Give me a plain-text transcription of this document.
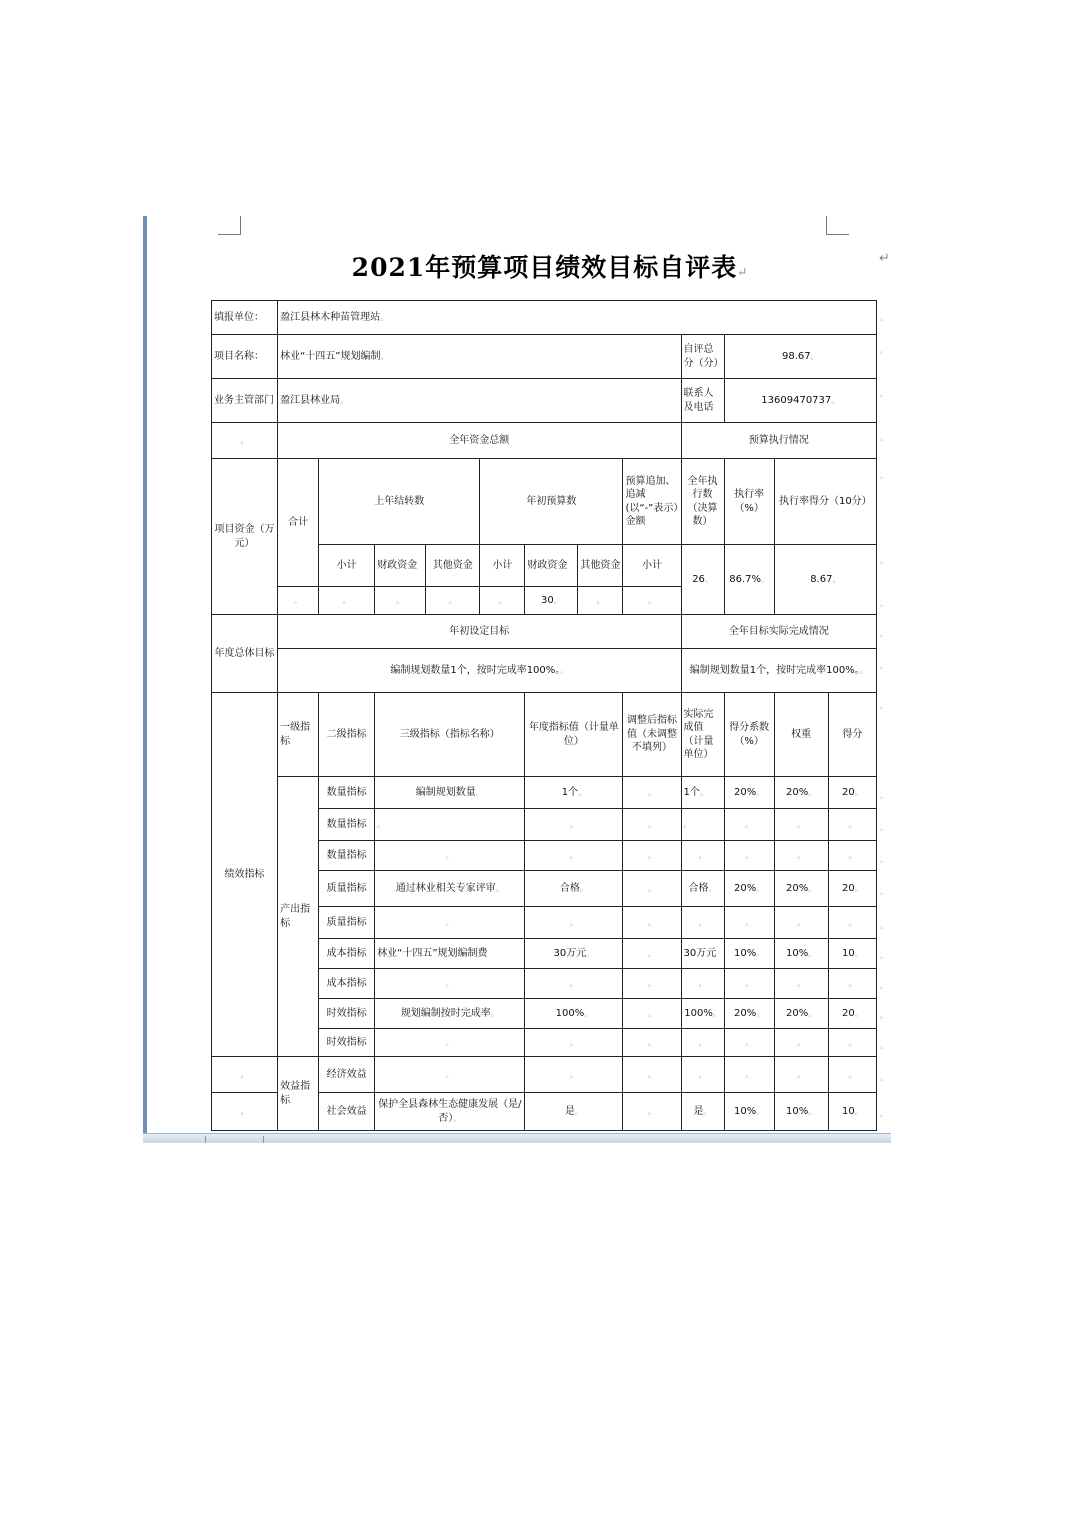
2021年预算项目绩效目标自评表↵
↵
填报单位：	盈江县林木种苗管理站。											
项目名称：	林业“十四五”规划编制。								自评总分（分）	98.67。		
业务主管部门	盈江县林业局。								联系人及电话	13609470737。		
。	全年资金总额								预算执行情况			
项目资金（万元）	合计	上年结转数			年初预算数			预算追加、追减(以“-”表示）金额	全年执行数（决算数）	执行率（%）	执行率得分（10分）	
		小计	财政资金	其他资金	小计	财政资金	其他资金	小计	26。	86.7%。	8.67。	
	。	。	。	。	。	30。	。	。				
年度总体目标	年初设定目标								全年目标实际完成情况			
	编制规划数量1个，按时完成率100%。。								编制规划数量1个，按时完成率100%。。			
绩效指标	一级指标	二级指标	三级指标（指标名称）			年度指标值（计量单位）		调整后指标值（未调整不填列）	实际完成值（计量单位）	得分系数（%）	权重	得分
	产出指标	数量指标	编制规划数量。			1个。		。	1个。	20%。	20%。	20。
		数量指标	。			。		。	。	。	。	。
		数量指标	。			。		。	。	。	。	。
		质量指标	通过林业相关专家评审。			合格。		。	合格。	20%。	20%。	20。
		质量指标	。			。		。	。	。	。	。
		成本指标	林业“十四五”规划编制费			30万元。		。	30万元	10%。	10%。	10。
		成本指标	。			。		。	。	。	。	。
		时效指标	规划编制按时完成率。			100%。		。	100%。	20%。	20%。	20。
		时效指标	。			。		。	。	。	。	。
。	效益指标	经济效益	。			。		。	。	。	。	。
。		社会效益	保护全县森林生态健康发展（是/否）。			是。		。	是。	10%。	10%。	10。
。
。
。
。
。
。
。
。
。
。
。
。
。
。
。
。
。
。
。
。
。
